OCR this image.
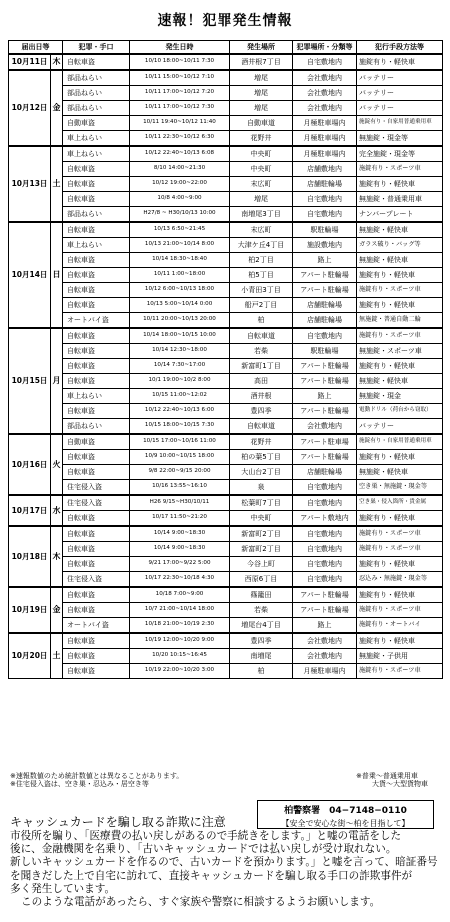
速報！犯罪発生情報
届出日等		犯罪・手口	発生日時	発生場所	犯罪場所・分類等	犯行手段方法等
10月11日	木	自転車盗	10/10 18:00~10/11 7:30	酒井根7丁目	自宅敷地内	施錠有り・軽快車
10月12日	金	部品ねらい	10/11 15:00~10/12 7:10	増尾	会社敷地内	バッテリー
		部品ねらい	10/11 17:00~10/12 7:20	増尾	会社敷地内	バッテリー
		部品ねらい	10/11 17:00~10/12 7:30	増尾	会社敷地内	バッテリー
		自動車盗	10/11 19:40~10/12 11:40	自動車道	月極駐車場内	施錠有り・自家用普通乗用車
		車上ねらい	10/11 22:30~10/12 6:30	花野井	月極駐車場内	無施錠・現金等
10月13日	土	車上ねらい	10/12 22:40~10/13 6:08	中央町	月極駐車場内	完全施錠・現金等
		自転車盗	8/10 14:00~21:30	中央町	店舗敷地内	施錠有り・スポーツ車
		自転車盗	10/12 19:00~22:00	末広町	店舗駐輪場	施錠有り・軽快車
		自転車盗	10/8 4:00~9:00	増尾	自宅敷地内	無施錠・普通乗用車
		部品ねらい	H27/8 ~ H30/10/13 10:00	南増尾3丁目	自宅敷地内	ナンバープレート
10月14日	日	自転車盗	10/13 6:50~21:45	末広町	駅駐輪場	無施錠・軽快車
		車上ねらい	10/13 21:00~10/14 8:00	大津ケ丘4丁目	施設敷地内	ガラス破り・バッグ等
		自転車盗	10/14 18:30~18:40	柏2丁目	路上	無施錠・軽快車
		自転車盗	10/11 1:00~18:00	柏5丁目	アパート駐輪場	施錠有り・軽快車
		自転車盗	10/12 6:00~10/13 18:00	小青田3丁目	アパート駐輪場	施錠有り・スポーツ車
		自転車盗	10/13 5:00~10/14 0:00	船戸2丁目	店舗駐輪場	施錠有り・軽快車
		オートバイ盗	10/11 20:00~10/13 20:00	柏	店舗駐輪場	無施錠・普通自動二輪
10月15日	月	自転車盗	10/14 18:00~10/15 10:00	自転車道	自宅敷地内	施錠有り・スポーツ車
		自転車盗	10/14 12:30~18:00	若柴	駅駐輪場	無施錠・スポーツ車
		自転車盗	10/14 7:30~17:00	新富町1丁目	アパート駐輪場	施錠有り・軽快車
		自転車盗	10/1 19:00~10/2 8:00	高田	アパート駐輪場	無施錠・軽快車
		車上ねらい	10/15 11:00~12:02	酒井根	路上	無施錠・現金
		自転車盗	10/12 22:40~10/13 6:00	豊四季	アパート駐輪場	電動ドリル（荷台から窃取）
		部品ねらい	10/15 18:00~10/15 7:30	自転車道	会社敷地内	バッテリー
10月16日	火	自動車盗	10/15 17:00~10/16 11:00	花野井	アパート駐車場	施錠有り・自家用普通乗用車
		自転車盗	10/9 10:00~10/15 18:00	柏の葉5丁目	アパート駐輪場	施錠有り・軽快車
		自転車盗	9/8 22:00~9/15 20:00	大山台2丁目	店舗駐輪場	無施錠・軽快車
		住宅侵入盗	10/16 13:55~16:10	泉	自宅敷地内	空き巣・無施錠・現金等
10月17日	水	住宅侵入盗	H26 9/15~H30/10/11	松葉町7丁目	自宅敷地内	空き巣・侵入箇所・貴金属
		自転車盗	10/17 11:50~21:20	中央町	アパート敷地内	施錠有り・軽快車
10月18日	木	自転車盗	10/14 9:00~18:30	新富町2丁目	自宅敷地内	施錠有り・スポーツ車
		自転車盗	10/14 9:00~18:30	新富町2丁目	自宅敷地内	施錠有り・スポーツ車
		自転車盗	9/21 17:00~9/22 5:00	今谷上町	自宅敷地内	施錠有り・軽快車
		住宅侵入盗	10/17 22:30~10/18 4:30	西原6丁目	自宅敷地内	忍込み・無施錠・現金等
10月19日	金	自転車盗	10/18 7:00~9:00	篠籠田	アパート駐輪場	施錠有り・軽快車
		自転車盗	10/7 21:00~10/14 18:00	若柴	アパート駐輪場	施錠有り・スポーツ車
		オートバイ盗	10/18 21:00~10/19 2:30	増尾台4丁目	路上	施錠有り・オートバイ
10月20日	土	自転車盗	10/19 12:00~10/20 9:00	豊四季	会社敷地内	施錠有り・軽快車
		自転車盗	10/20 10:15~16:45	南増尾	会社敷地内	無施錠・子供用
		自転車盗	10/19 22:00~10/20 3:00	柏	月極駐車場内	施錠有り・スポーツ車
※速報数値のため統計数値とは異なることがあります。
※住宅侵入盗は、空き巣・忍込み・居空き等
※普乗～普通乗用車
大貨～大型貨物車
キャッシュカードを騙し取る詐欺に注意
柏警察署　04−7148−0110
【安全で安心な街〜柏を目指して】
市役所を騙り、「医療費の払い戻しがあるので手続きをします。」と嘘の電話をした
後に、金融機関を名乗り、「古いキャッシュカードでは払い戻しが受け取れない。
新しいキャッシュカードを作るので、古いカードを預かります。」と嘘を言って、暗証番号
を聞きだした上で自宅に訪れて、直接キャッシュカードを騙し取る手口の詐欺事件が
多く発生しています。
このような電話があったら、すぐ家族や警察に相談するようお願いします。
